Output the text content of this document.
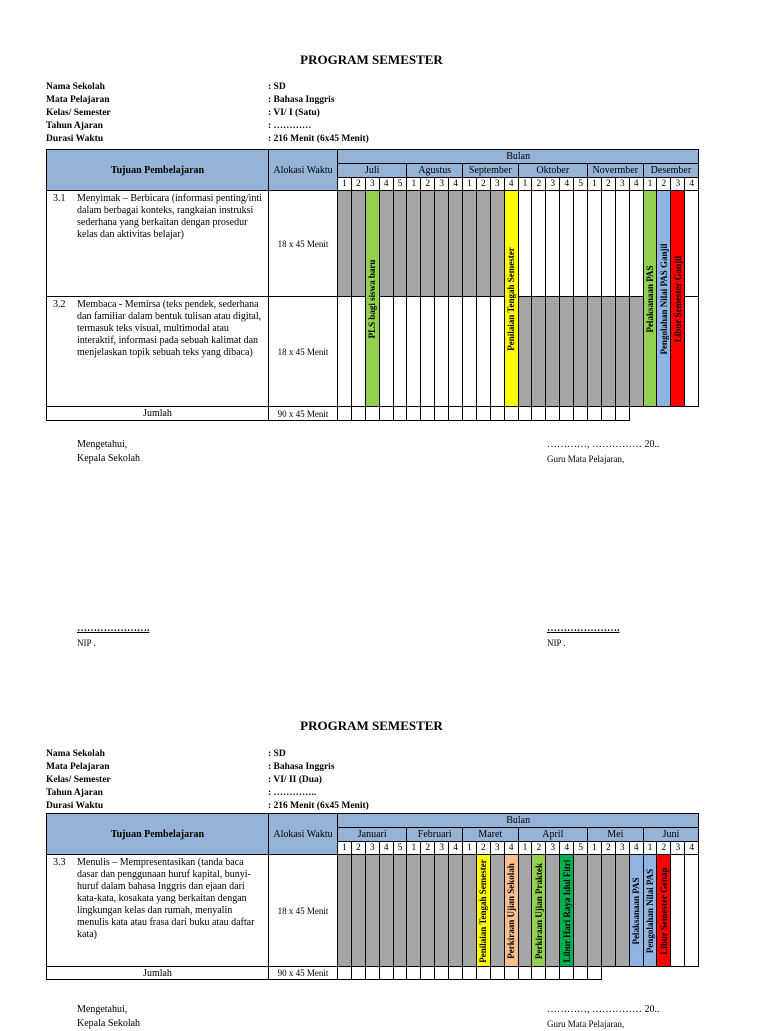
PROGRAM SEMESTER
Nama Sekolah	: SD
Mata Pelajaran	: Bahasa Inggris
Kelas/ Semester	: VI/ I (Satu)
Tahun Ajaran	: …………
Durasi Waktu	: 216 Menit (6x45 Menit)
Tujuan Pembelajaran	Alokasi Waktu	Bulan																									
		Juli					Agustus				September				Oktober					Novermber				Desember			
		1	2	3	4	5	1	2	3	4	1	2	3	4	1	2	3	4	5	1	2	3	4	1	2	3	4
3.1 Menyimak – Berbicara (informasi penting/inti dalam berbagai konteks, rangkaian instruksi sederhana yang berkaitan dengan prosedur kelas dan aktivitas belajar)	18 x 45 Menit			PLS bagi siswa baru										Penilaian Tengah Semester										Pelaksanaan PAS	Pengolahan Nilai PAS Ganjil	Libur Semester Ganjil	

3.2 Membaca - Memirsa (teks pendek, sederhana dan familiar dalam bentuk tulisan atau digital, termasuk teks visual, multimodal atau interaktif, informasi pada sebuah kalimat dan menjelaskan topik sebuah teks yang dibaca)	18 x 45 Menit																										
Jumlah	90 x 45 Menit																										
Mengetahui,
Kepala Sekolah
…………, …………… 20..
Guru Mata Pelajaran,
………………….
NIP .
………………….
NIP .
PROGRAM SEMESTER
Nama Sekolah	: SD
Mata Pelajaran	: Bahasa Inggris
Kelas/ Semester	: VI/ II (Dua)
Tahun Ajaran	: …………..
Durasi Waktu	: 216 Menit (6x45 Menit)
Tujuan Pembelajaran	Alokasi Waktu	Bulan																									
		Januari					Februari				Maret				April					Mei				Juni			
		1	2	3	4	5	1	2	3	4	1	2	3	4	1	2	3	4	5	1	2	3	4	1	2	3	4
3.3 Menulis – Mempresentasikan (tanda baca dasar dan penggunaan huruf kapital, bunyi-huruf dalam bahasa Inggris dan ejaan dari kata-kata, kosakata yang berkaitan dengan lingkungan kelas dan rumah, menyalin menulis kata atau frasa dari buku atau daftar kata)	18 x 45 Menit											Penilaian Tengah Semester		Perkiraan Ujian Sekolah		Perkiraan Ujian Praktek		Libur Hari Raya Idul Fitri					Pelaksanaan PAS	Pengolahan Nilai PAS	Libur Semester Genap		

Jumlah	90 x 45 Menit																										
Mengetahui,
Kepala Sekolah
…………, …………… 20..
Guru Mata Pelajaran,
